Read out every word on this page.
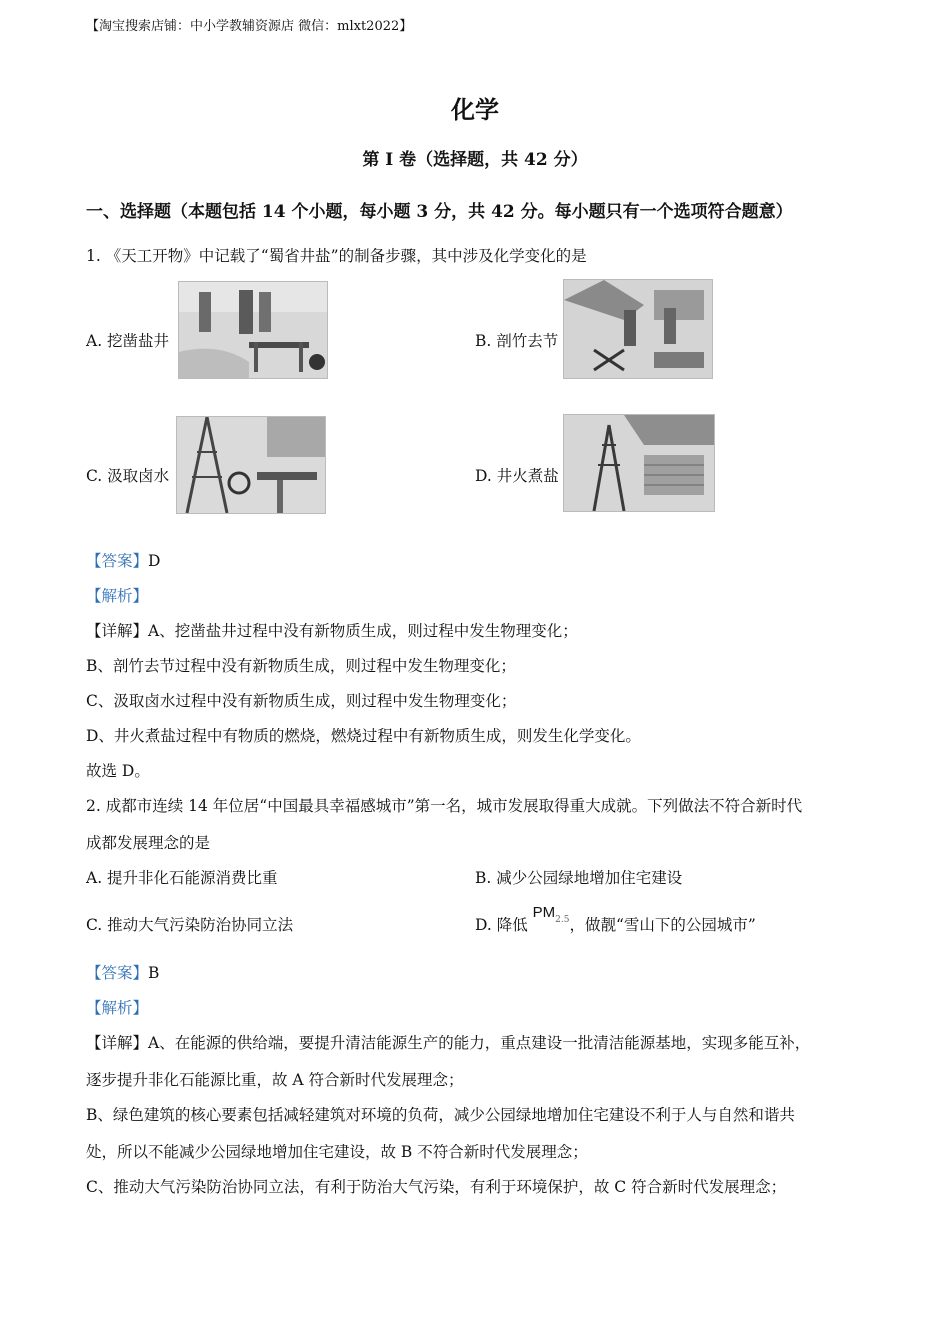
【淘宝搜索店铺：中小学教辅资源店 微信：mlxt2022】
化学
第 I 卷（选择题，共 42 分）
一、选择题（本题包括 14 个小题，每小题 3 分，共 42 分。每小题只有一个选项符合题意）
1. 《天工开物》中记载了“蜀省井盐”的制备步骤，其中涉及化学变化的是
A. 挖凿盐井	B. 剖竹去节
C. 汲取卤水	D. 井火煮盐
【答案】D
【解析】
【详解】A、挖凿盐井过程中没有新物质生成，则过程中发生物理变化；
B、剖竹去节过程中没有新物质生成，则过程中发生物理变化；
C、汲取卤水过程中没有新物质生成，则过程中发生物理变化；
D、井火煮盐过程中有物质的燃烧，燃烧过程中有新物质生成，则发生化学变化。
故选 D。
2. 成都市连续 14 年位居“中国最具幸福感城市”第一名，城市发展取得重大成就。下列做法不符合新时代
成都发展理念的是
A. 提升非化石能源消费比重	B. 减少公园绿地增加住宅建设
C. 推动大气污染防治协同立法	D. 降低 $PM^{2.5}$，做靓“雪山下的公园城市”
【答案】B
【解析】
【详解】A、在能源的供给端，要提升清洁能源生产的能力，重点建设一批清洁能源基地，实现多能互补，
逐步提升非化石能源比重，故 A 符合新时代发展理念；
B、绿色建筑的核心要素包括减轻建筑对环境的负荷，减少公园绿地增加住宅建设不利于人与自然和谐共
处，所以不能减少公园绿地增加住宅建设，故 B 不符合新时代发展理念；
C、推动大气污染防治协同立法，有利于防治大气污染，有利于环境保护，故 C 符合新时代发展理念；
